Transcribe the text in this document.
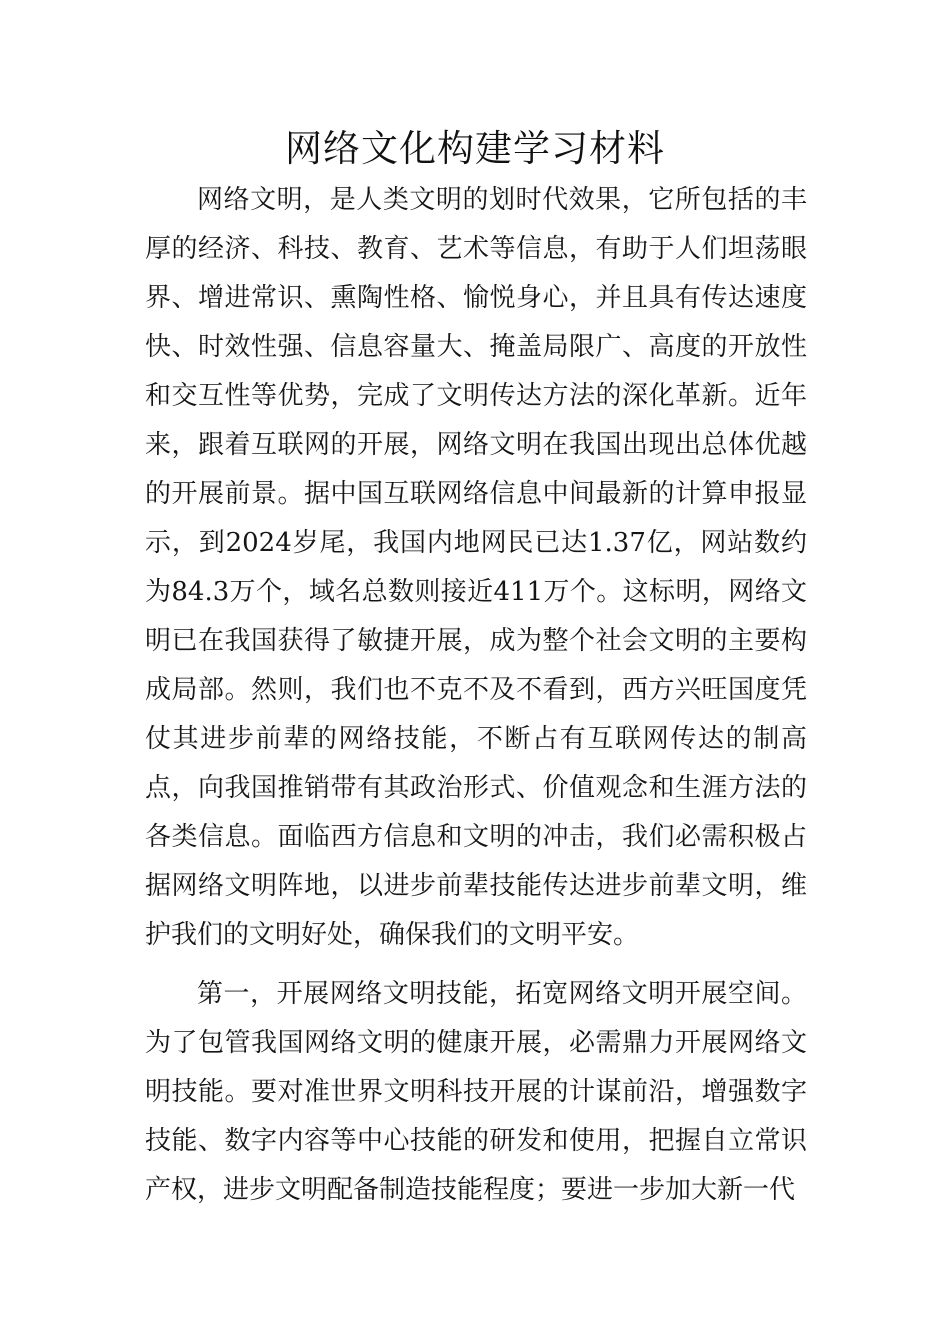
网络文化构建学习材料

网络文明，是人类文明的划时代效果，它所包括的丰厚的经济、科技、教育、艺术等信息，有助于人们坦荡眼界、增进常识、熏陶性格、愉悦身心，并且具有传达速度快、时效性强、信息容量大、掩盖局限广、高度的开放性和交互性等优势，完成了文明传达方法的深化革新。近年来，跟着互联网的开展，网络文明在我国出现出总体优越的开展前景。据中国互联网络信息中间最新的计算申报显示，到2024岁尾，我国内地网民已达1.37亿，网站数约为84.3万个，域名总数则接近411万个。这标明，网络文明已在我国获得了敏捷开展，成为整个社会文明的主要构成局部。然则，我们也不克不及不看到，西方兴旺国度凭仗其进步前辈的网络技能，不断占有互联网传达的制高点，向我国推销带有其政治形式、价值观念和生涯方法的各类信息。面临西方信息和文明的冲击，我们必需积极占据网络文明阵地，以进步前辈技能传达进步前辈文明，维护我们的文明好处，确保我们的文明平安。

第一，开展网络文明技能，拓宽网络文明开展空间。为了包管我国网络文明的健康开展，必需鼎力开展网络文明技能。要对准世界文明科技开展的计谋前沿，增强数字技能、数字内容等中心技能的研发和使用，把握自立常识产权，进步文明配备制造技能程度；要进一步加大新一代
